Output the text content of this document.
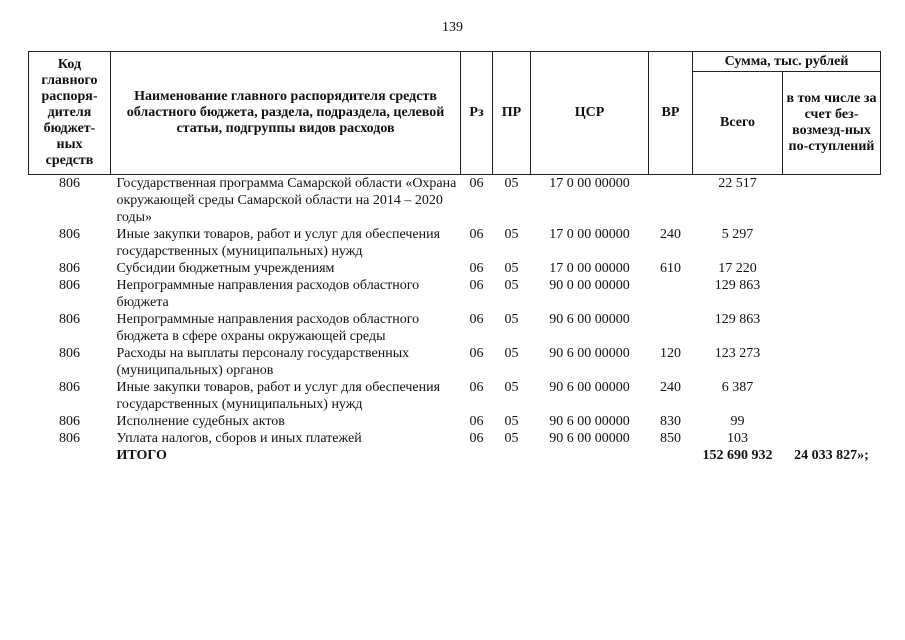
139
Код главного распоря-дителя бюджет-ных средств	Наименование главного распорядителя средств областного бюджета, раздела, подраздела, целевой статьи, подгруппы видов расходов	Рз	ПР	ЦСР	ВР	Сумма, тыс. рублей	
						Всего	в том числе за счет без-возмезд-ных по-ступлений
806	Государственная программа Самарской области «Охрана окружающей среды Самарской области на 2014 – 2020 годы»	06	05	17 0 00 00000		22 517	
806	Иные закупки товаров, работ и услуг для обеспечения государственных (муниципальных) нужд	06	05	17 0 00 00000	240	5 297	
806	Субсидии бюджетным учреждениям	06	05	17 0 00 00000	610	17 220	
806	Непрограммные направления расходов областного бюджета	06	05	90 0 00 00000		129 863	
806	Непрограммные направления расходов областного бюджета в сфере охраны окружающей среды	06	05	90 6 00 00000		129 863	
806	Расходы на выплаты персоналу государственных (муниципальных) органов	06	05	90 6 00 00000	120	123 273	
806	Иные закупки товаров, работ и услуг для обеспечения государственных (муниципальных) нужд	06	05	90 6 00 00000	240	6 387	
806	Исполнение судебных актов	06	05	90 6 00 00000	830	99	
806	Уплата налогов, сборов и иных платежей	06	05	90 6 00 00000	850	103	
	ИТОГО					152 690 932	24 033 827»;
